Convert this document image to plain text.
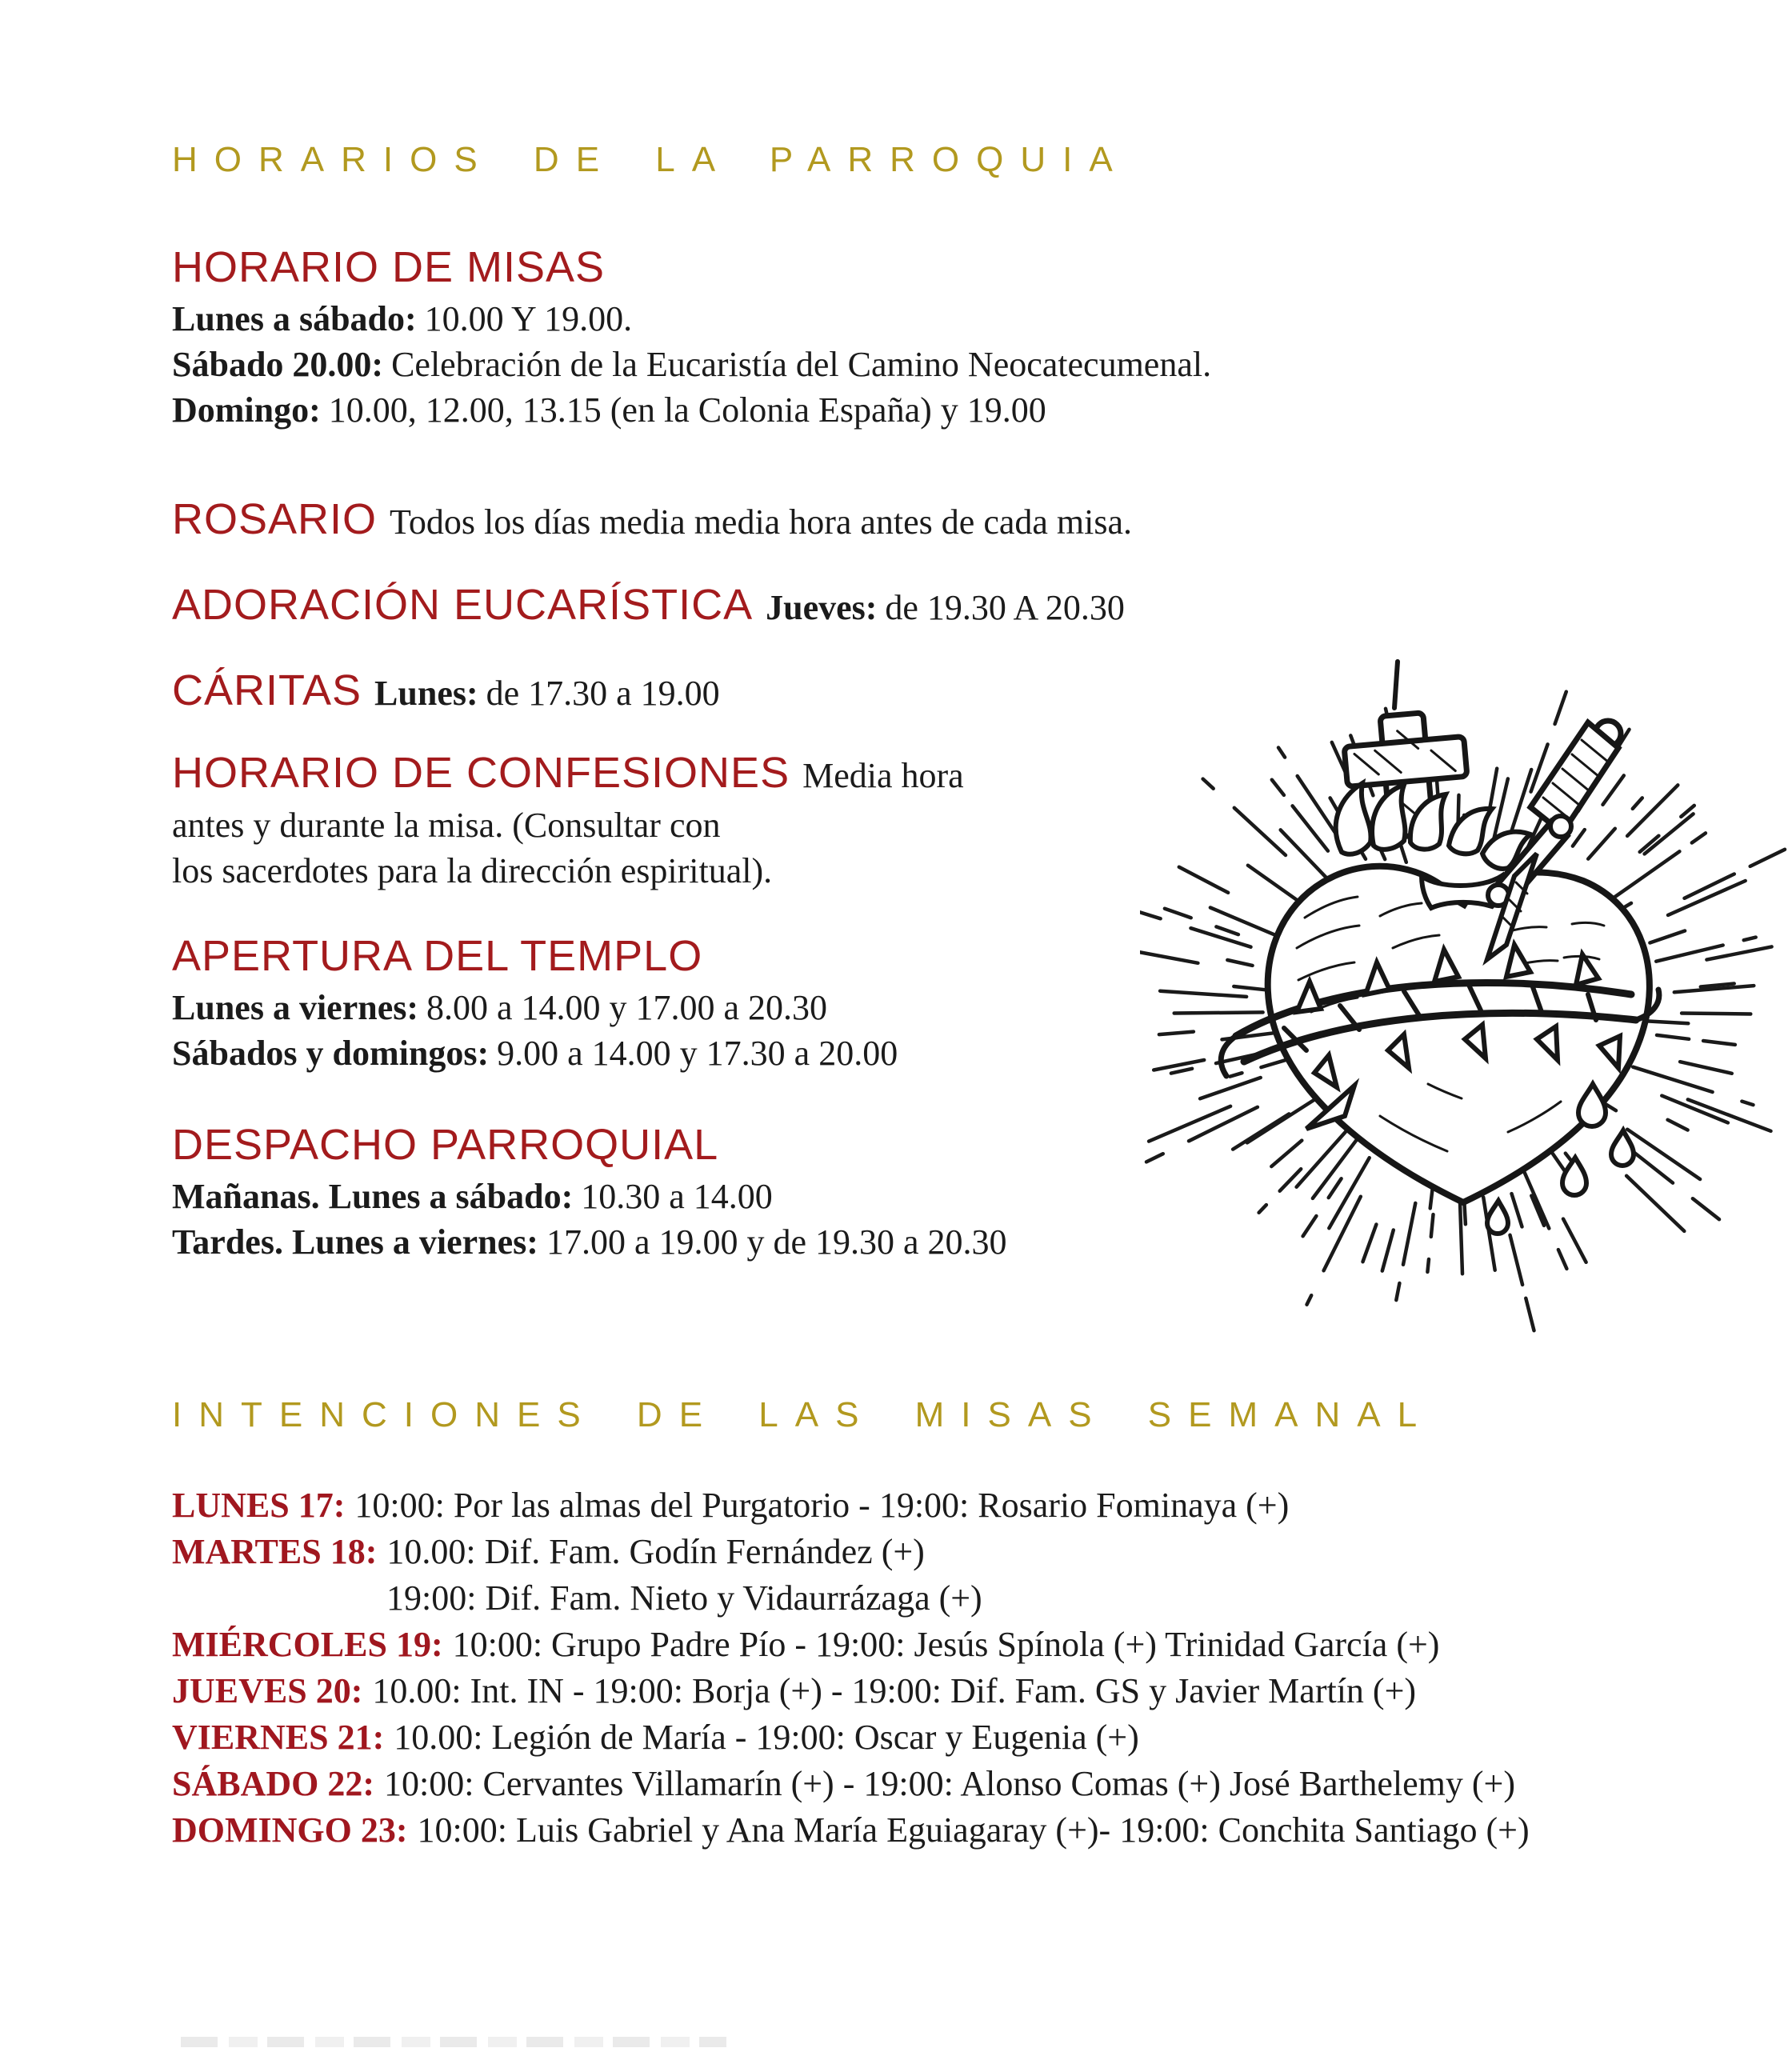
HORARIOS DE LA PARROQUIA
HORARIO DE MISAS
Lunes a sábado: 10.00 Y 19.00.
Sábado 20.00: Celebración de la Eucaristía del Camino Neocatecumenal.
Domingo: 10.00, 12.00, 13.15 (en la Colonia España) y 19.00
ROSARIO Todos los días media media hora antes de cada misa.
ADORACIÓN EUCARÍSTICA Jueves: de 19.30 A 20.30
CÁRITAS Lunes: de 17.30 a 19.00
HORARIO DE CONFESIONES Media hora
antes y durante la misa. (Consultar con
los sacerdotes para la dirección espiritual).
APERTURA DEL TEMPLO
Lunes a viernes: 8.00 a 14.00 y 17.00 a 20.30
Sábados y domingos: 9.00 a 14.00 y 17.30 a 20.00
DESPACHO PARROQUIAL
Mañanas. Lunes a sábado: 10.30 a 14.00
Tardes. Lunes a viernes: 17.00 a 19.00 y de 19.30 a 20.30
INTENCIONES DE LAS MISAS SEMANAL
LUNES 17: 10:00: Por las almas del Purgatorio - 19:00: Rosario Fominaya (+)
MARTES 18: 10.00: Dif. Fam. Godín Fernández (+)
19:00: Dif. Fam. Nieto y Vidaurrázaga (+)
MIÉRCOLES 19: 10:00: Grupo Padre Pío - 19:00: Jesús Spínola (+) Trinidad García (+)
JUEVES 20: 10.00: Int. IN - 19:00: Borja (+) - 19:00: Dif. Fam. GS y Javier Martín (+)
VIERNES 21: 10.00: Legión de María - 19:00: Oscar y Eugenia (+)
SÁBADO 22: 10:00: Cervantes Villamarín (+) - 19:00: Alonso Comas (+) José Barthelemy (+)
DOMINGO 23: 10:00: Luis Gabriel y Ana María Eguiagaray (+)- 19:00: Conchita Santiago (+)
